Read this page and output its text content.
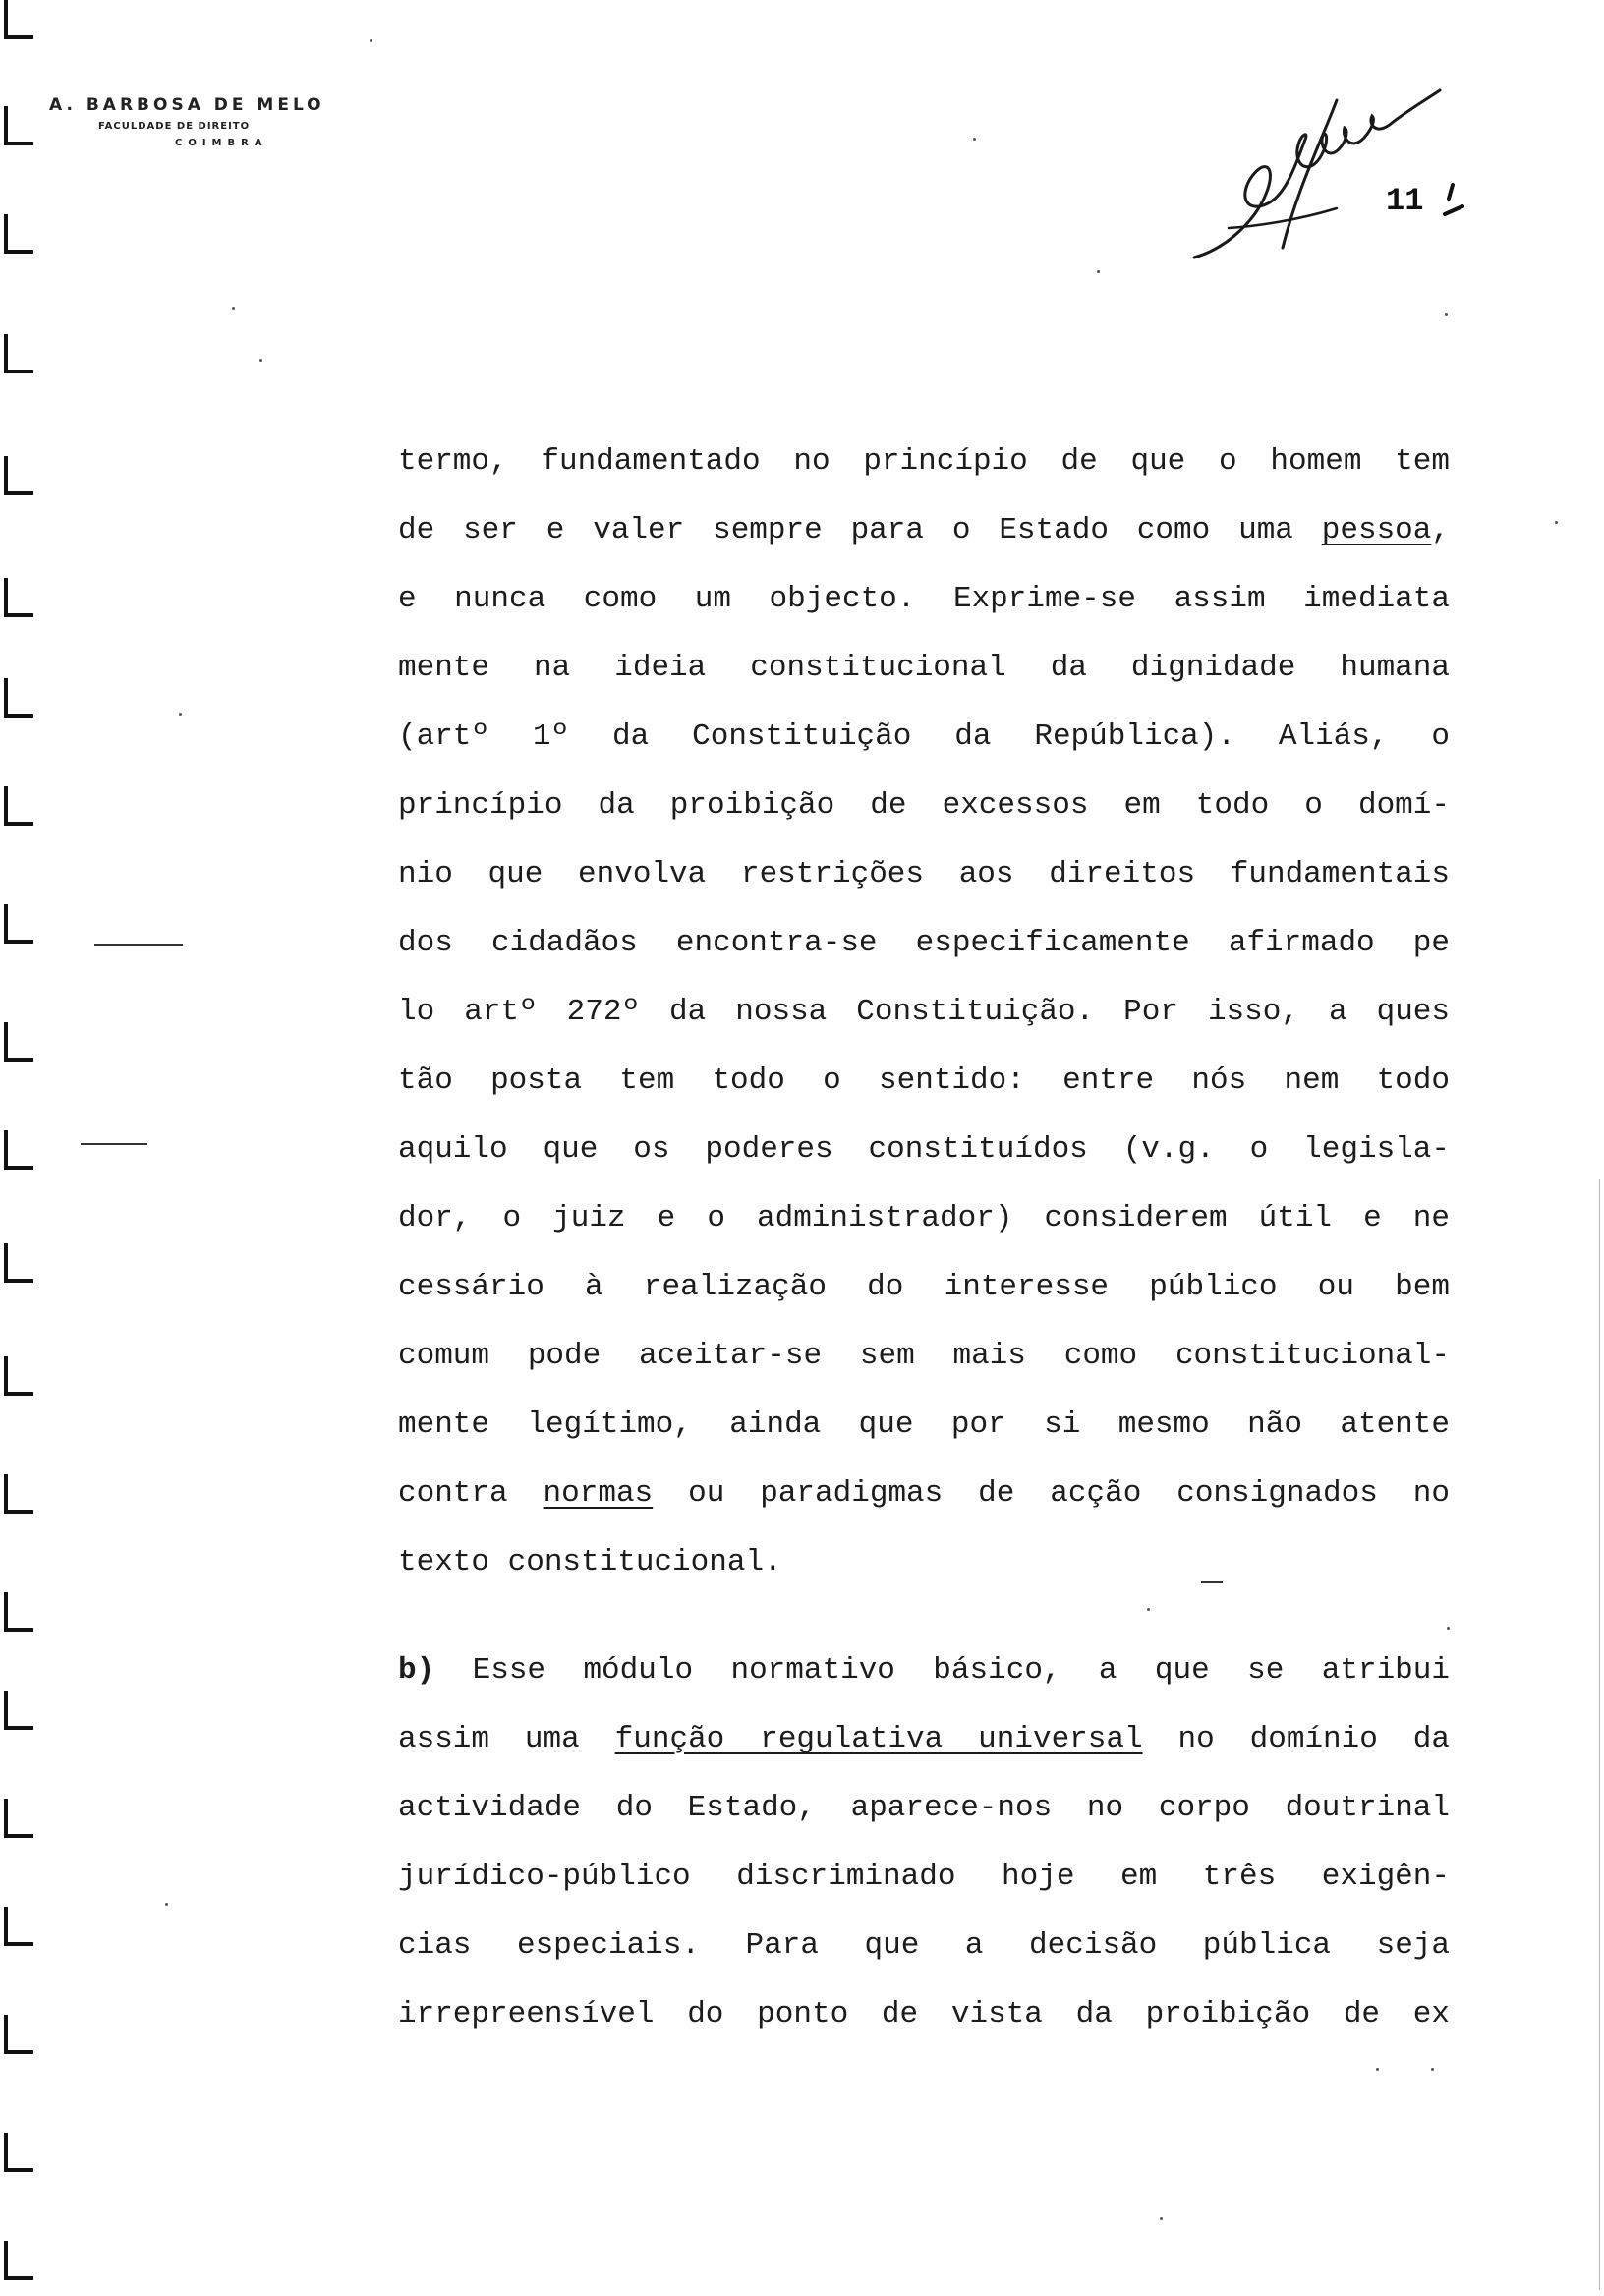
A. BARBOSA DE MELO
FACULDADE DE DIREITO
COIMBRA
11
termo, fundamentado no princípio de que o homem tem
de ser e valer sempre para o Estado como uma pessoa,
e nunca como um objecto. Exprime-se assim imediata
mente na ideia constitucional da dignidade humana
(artº 1º da Constituição da República). Aliás, o
princípio da proibição de excessos em todo o domí-
nio que envolva restrições aos direitos fundamentais
dos cidadãos encontra-se especificamente afirmado pe
lo artº 272º da nossa Constituição. Por isso, a ques
tão posta tem todo o sentido: entre nós nem todo
aquilo que os poderes constituídos (v.g. o legisla-
dor, o juiz e o administrador) considerem útil e ne
cessário à realização do interesse público ou bem
comum pode aceitar-se sem mais como constitucional-
mente legítimo, ainda que por si mesmo não atente
contra normas ou paradigmas de acção consignados no
texto constitucional.
b) Esse módulo normativo básico, a que se atribui
assim uma função regulativa universal no domínio da
actividade do Estado, aparece-nos no corpo doutrinal
jurídico-público discriminado hoje em três exigên-
cias especiais. Para que a decisão pública seja
irrepreensível do ponto de vista da proibição de ex
